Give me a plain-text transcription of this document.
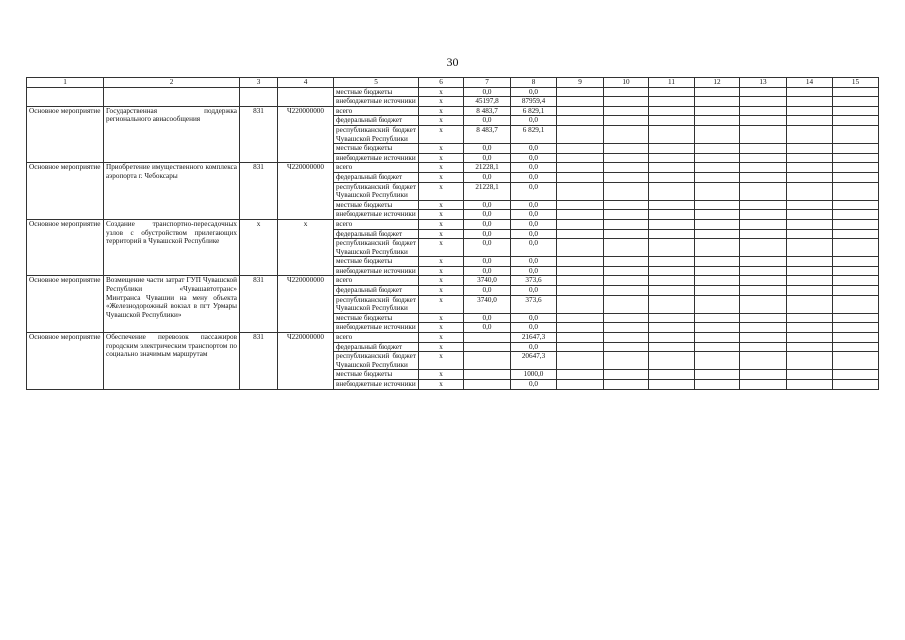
30
1	2	3	4	5	6	7	8	9	10	11	12	13	14	15
				местные бюджеты	x	0,0	0,0							
				внебюджетные источники	x	45197,8	87959,4							
Основное мероприятие	Государственная поддержка регионального авиасообщения	831	Ч220000000	всего	x	8 483,7	6 829,1							
				федеральный бюджет	x	0,0	0,0							
				республиканский бюджет Чувашской Республики	x	8 483,7	6 829,1							
				местные бюджеты	x	0,0	0,0							
				внебюджетные источники	x	0,0	0,0							
Основное мероприятие	Приобретение имущественного комплекса аэропорта г. Чебоксары	831	Ч220000000	всего	x	21228,1	0,0							
				федеральный бюджет	x	0,0	0,0							
				республиканский бюджет Чувашской Республики	x	21228,1	0,0							
				местные бюджеты	x	0,0	0,0							
				внебюджетные источники	x	0,0	0,0							
Основное мероприятие	Создание транспортно-пересадочных узлов с обустройством прилегающих территорий в Чувашской Республике	x	x	всего	x	0,0	0,0							
				федеральный бюджет	x	0,0	0,0							
				республиканский бюджет Чувашской Республики	x	0,0	0,0							
				местные бюджеты	x	0,0	0,0							
				внебюджетные источники	x	0,0	0,0							
Основное мероприятие	Возмещение части затрат ГУП Чувашской Республики «Чувашавтотранс» Минтранса Чувашии на мену объекта «Железнодорожный вокзал в пгт Урмары Чувашской Республики»	831	Ч220000000	всего	x	3740,0	373,6							
				федеральный бюджет	x	0,0	0,0							
				республиканский бюджет Чувашской Республики	x	3740,0	373,6							
				местные бюджеты	x	0,0	0,0							
				внебюджетные источники	x	0,0	0,0							
Основное мероприятие	Обеспечение перевозок пассажиров городским электрическим транспортом по социально значимым маршрутам	831	Ч220000000	всего	x		21647,3							
				федеральный бюджет	x		0,0							
				республиканский бюджет Чувашской Республики	x		20647,3							
				местные бюджеты	x		1000,0							
				внебюджетные источники	x		0,0							
